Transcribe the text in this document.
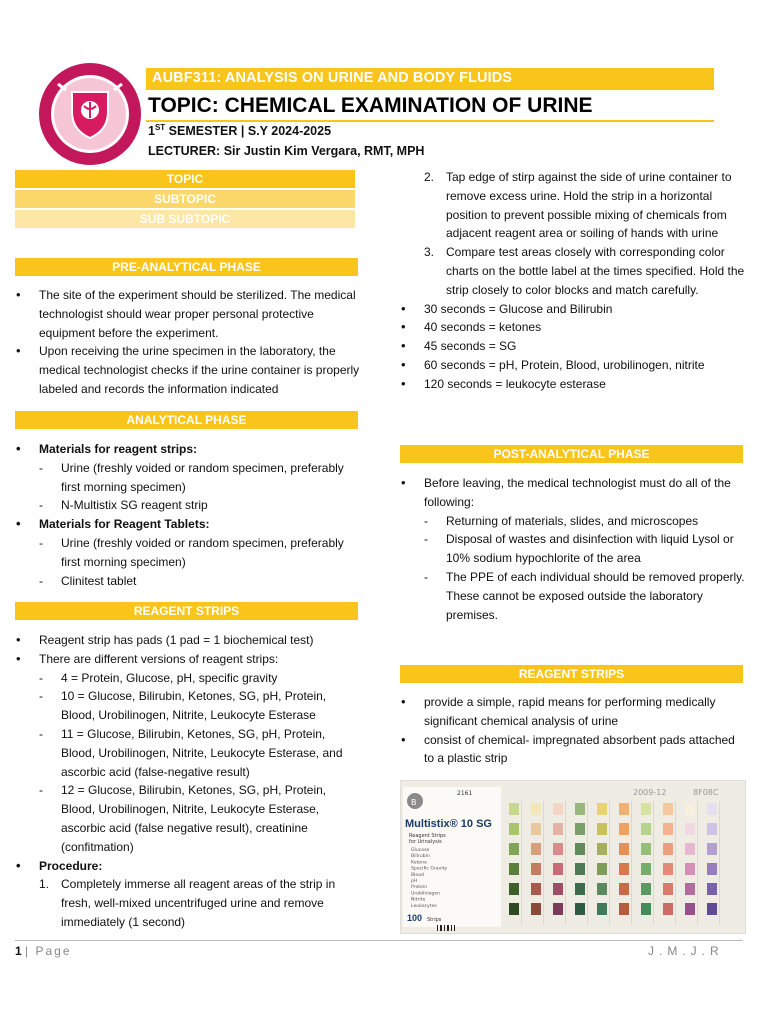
AUBF311: ANALYSIS ON URINE AND BODY FLUIDS
TOPIC: CHEMICAL EXAMINATION OF URINE
1ST SEMESTER | S.Y 2024-2025
LECTURER: Sir Justin Kim Vergara, RMT, MPH
TOPIC
SUBTOPIC
SUB SUBTOPIC
PRE-ANALYTICAL PHASE
• The site of the experiment should be sterilized. The medical technologist should wear proper personal protective equipment before the experiment.
• Upon receiving the urine specimen in the laboratory, the medical technologist checks if the urine container is properly labeled and records the information indicated
ANALYTICAL PHASE
• Materials for reagent strips:
- Urine (freshly voided or random specimen, preferably first morning specimen)
- N-Multistix SG reagent strip
• Materials for Reagent Tablets:
- Urine (freshly voided or random specimen, preferably first morning specimen)
- Clinitest tablet
REAGENT STRIPS
• Reagent strip has pads (1 pad = 1 biochemical test)
• There are different versions of reagent strips:
- 4 = Protein, Glucose, pH, specific gravity
- 10 = Glucose, Bilirubin, Ketones, SG, pH, Protein, Blood, Urobilinogen, Nitrite, Leukocyte Esterase
- 11 = Glucose, Bilirubin, Ketones, SG, pH, Protein, Blood, Urobilinogen, Nitrite, Leukocyte Esterase, and ascorbic acid (false-negative result)
- 12 = Glucose, Bilirubin, Ketones, SG, pH, Protein, Blood, Urobilinogen, Nitrite, Leukocyte Esterase, ascorbic acid (false negative result), creatinine (confitmation)
• Procedure:
1. Completely immerse all reagent areas of the strip in fresh, well-mixed uncentrifuged urine and remove immediately (1 second)
2. Tap edge of stirp against the side of urine container to remove excess urine. Hold the strip in a horizontal position to prevent possible mixing of chemicals from adjacent reagent area or soiling of hands with urine
3. Compare test areas closely with corresponding color charts on the bottle label at the times specified. Hold the strip closely to color blocks and match carefully.
• 30 seconds = Glucose and Bilirubin
• 40 seconds = ketones
• 45 seconds = SG
• 60 seconds = pH, Protein, Blood, urobilinogen, nitrite
• 120 seconds = leukocyte esterase
POST-ANALYTICAL PHASE
• Before leaving, the medical technologist must do all of the following:
- Returning of materials, slides, and microscopes
- Disposal of wastes and disinfection with liquid Lysol or 10% sodium hypochlorite of the area
- The PPE of each individual should be removed properly. These cannot be exposed outside the laboratory premises.
REAGENT STRIPS
• provide a simple, rapid means for performing medically significant chemical analysis of urine
• consist of chemical- impregnated absorbent pads attached to a plastic strip
B
2161
Multistix® 10 SG
Reagent Strips
for Urinalysis
Glucose
Bilirubin
Ketone
Specific Gravity
Blood
pH
Protein
Urobilinogen
Nitrite
Leukocytes
100 Strips
2009-12	8F08C
1 | Page	J.M.J.R
